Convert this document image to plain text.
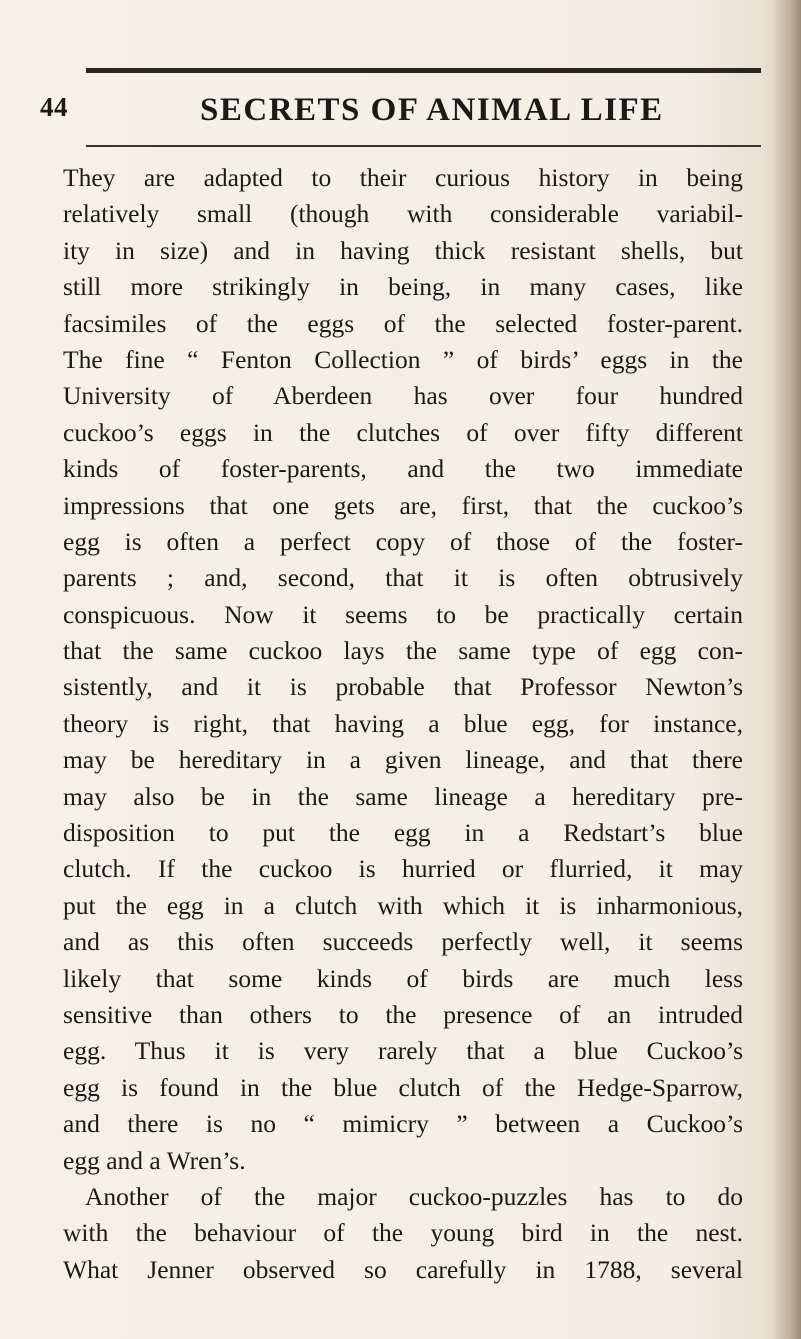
44	SECRETS OF ANIMAL LIFE
They are adapted to their curious history in being
relatively small (though with considerable variabil-
ity in size) and in having thick resistant shells, but
still more strikingly in being, in many cases, like
facsimiles of the eggs of the selected foster-parent.
The fine “ Fenton Collection ” of birds’ eggs in the
University of Aberdeen has over four hundred
cuckoo’s eggs in the clutches of over fifty different
kinds of foster-parents, and the two immediate
impressions that one gets are, first, that the cuckoo’s
egg is often a perfect copy of those of the foster-
parents ; and, second, that it is often obtrusively
conspicuous. Now it seems to be practically certain
that the same cuckoo lays the same type of egg con-
sistently, and it is probable that Professor Newton’s
theory is right, that having a blue egg, for instance,
may be hereditary in a given lineage, and that there
may also be in the same lineage a hereditary pre-
disposition to put the egg in a Redstart’s blue
clutch. If the cuckoo is hurried or flurried, it may
put the egg in a clutch with which it is inharmonious,
and as this often succeeds perfectly well, it seems
likely that some kinds of birds are much less
sensitive than others to the presence of an intruded
egg. Thus it is very rarely that a blue Cuckoo’s
egg is found in the blue clutch of the Hedge-Sparrow,
and there is no “ mimicry ” between a Cuckoo’s
egg and a Wren’s.
Another of the major cuckoo-puzzles has to do
with the behaviour of the young bird in the nest.
What Jenner observed so carefully in 1788, several
